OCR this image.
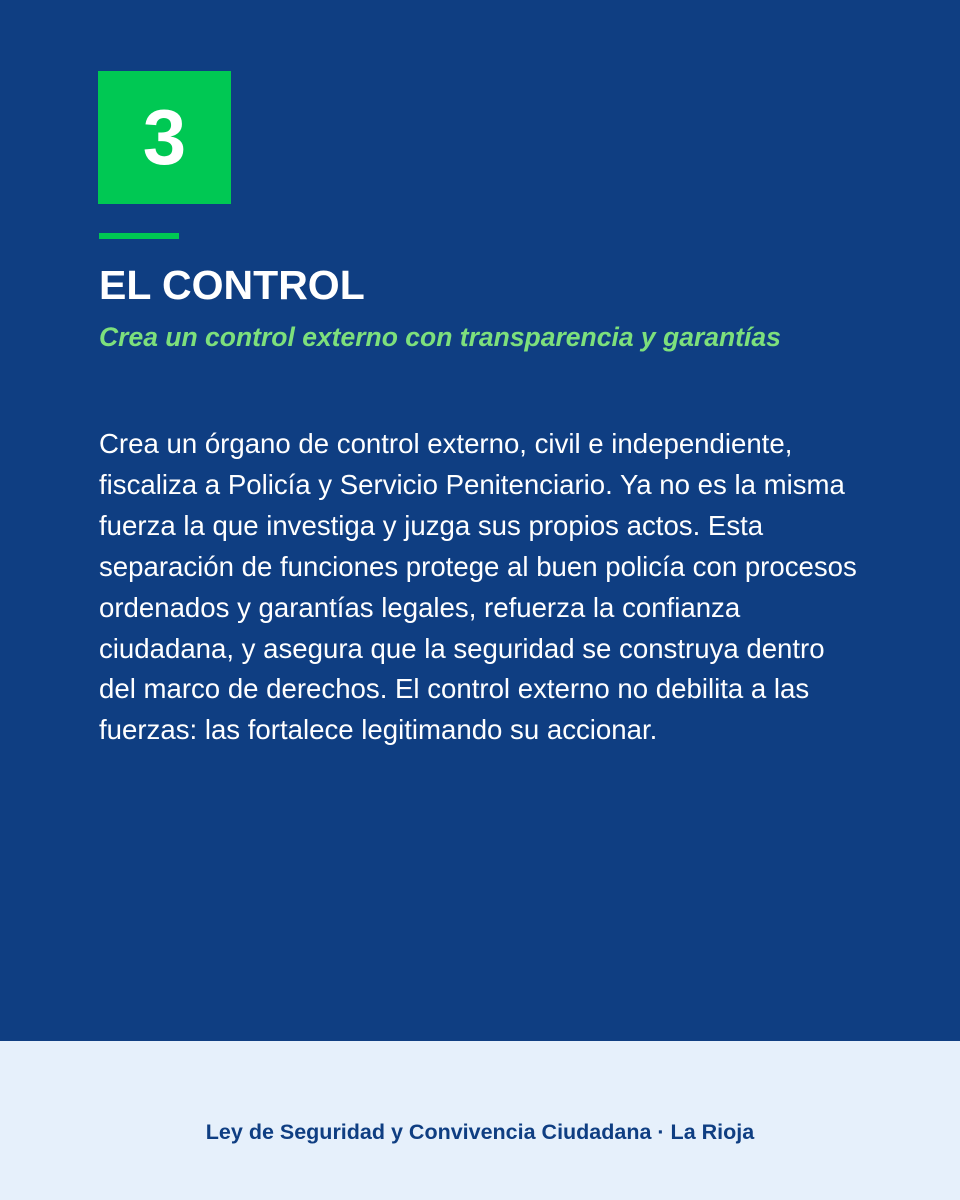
3
EL CONTROL

Crea un control externo con transparencia y garantías

Crea un órgano de control externo, civil e independiente, fiscaliza a Policía y Servicio Penitenciario. Ya no es la misma fuerza la que investiga y juzga sus propios actos. Esta separación de funciones protege al buen policía con procesos ordenados y garantías legales, refuerza la confianza ciudadana, y asegura que la seguridad se construya dentro del marco de derechos. El control externo no debilita a las fuerzas: las fortalece legitimando su accionar.

Ley de Seguridad y Convivencia Ciudadana · La Rioja
